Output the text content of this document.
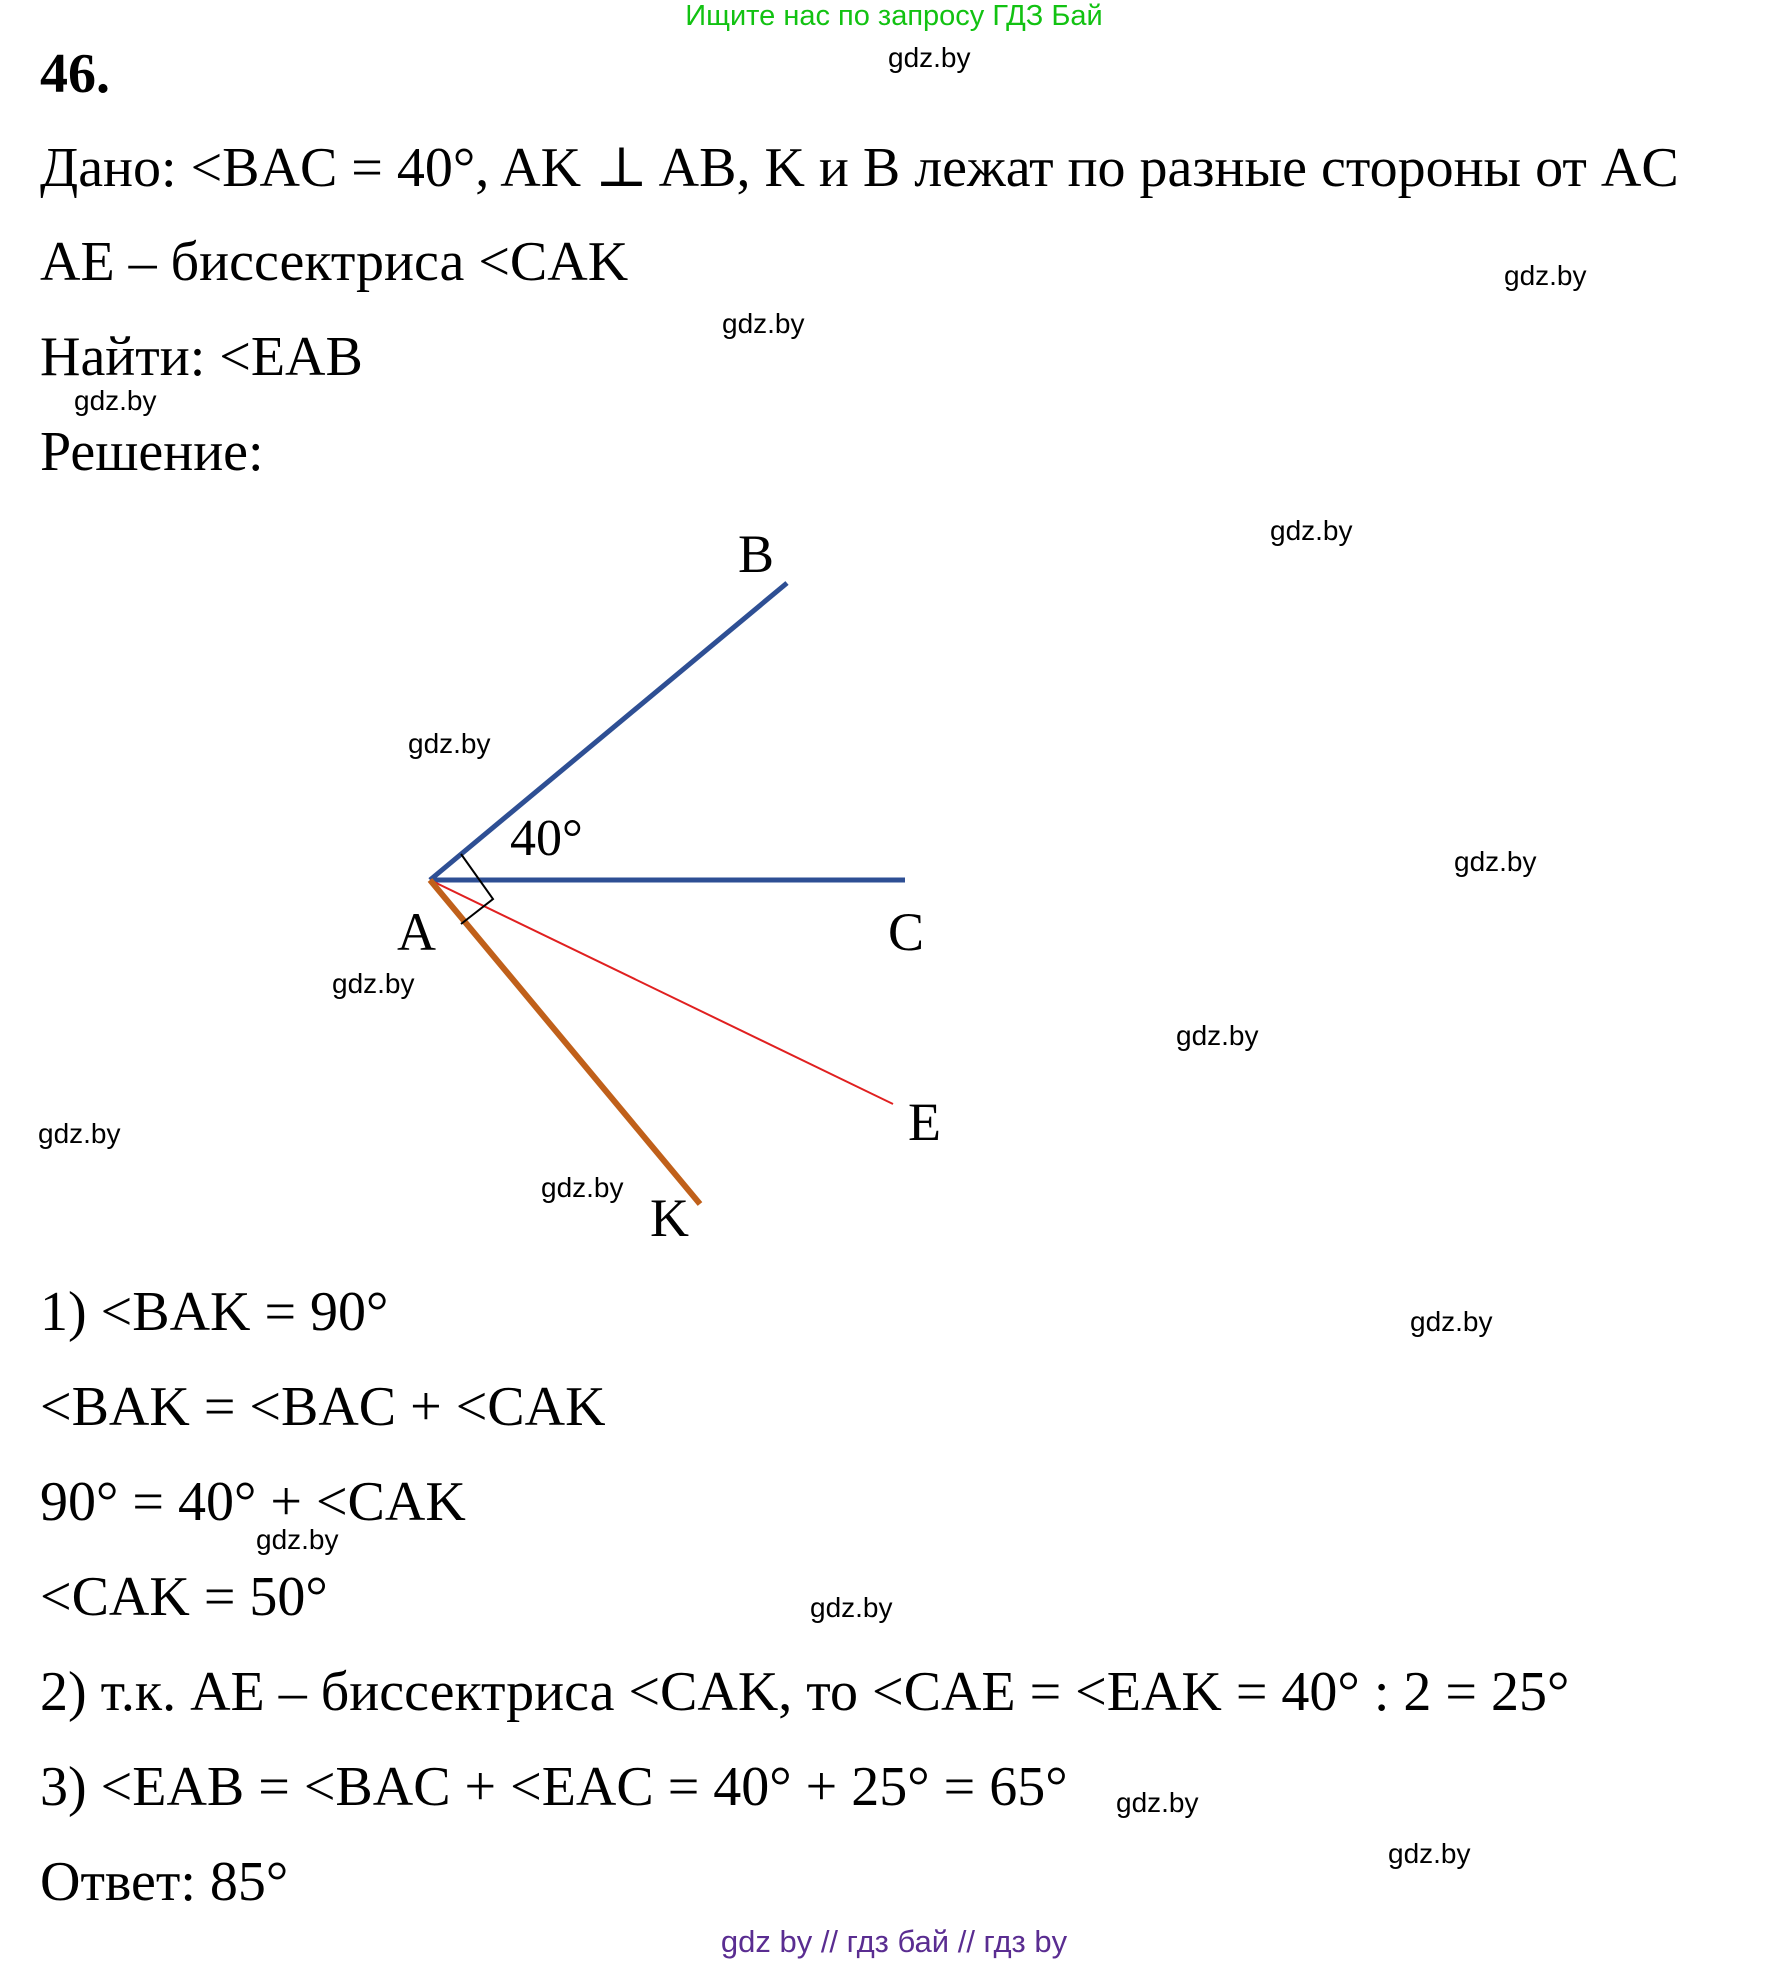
Ищите нас по запросу ГДЗ Бай
46.
Дано: <BAC = 40°, AK ⊥ AB, K и B лежат по разные стороны от AC
AE – биссектриса <CAK
Найти: <EAB
Решение:
B
A	C
E
K
40°
1) <BAK = 90°
<BAK = <BAC + <CAK
90° = 40° + <CAK
<CAK = 50°
2) т.к. AE – биссектриса <CAK, то <CAE = <EAK = 40° : 2 = 25°
3) <EAB = <BAC + <EAC = 40° + 25° = 65°
Ответ: 85°
gdz.by
gdz.by
gdz.by
gdz.by
gdz.by
gdz.by
gdz.by
gdz.by
gdz.by
gdz.by
gdz.by
gdz.by
gdz.by
gdz.by
gdz.by
gdz.by
gdz by // гдз бай // гдз by
